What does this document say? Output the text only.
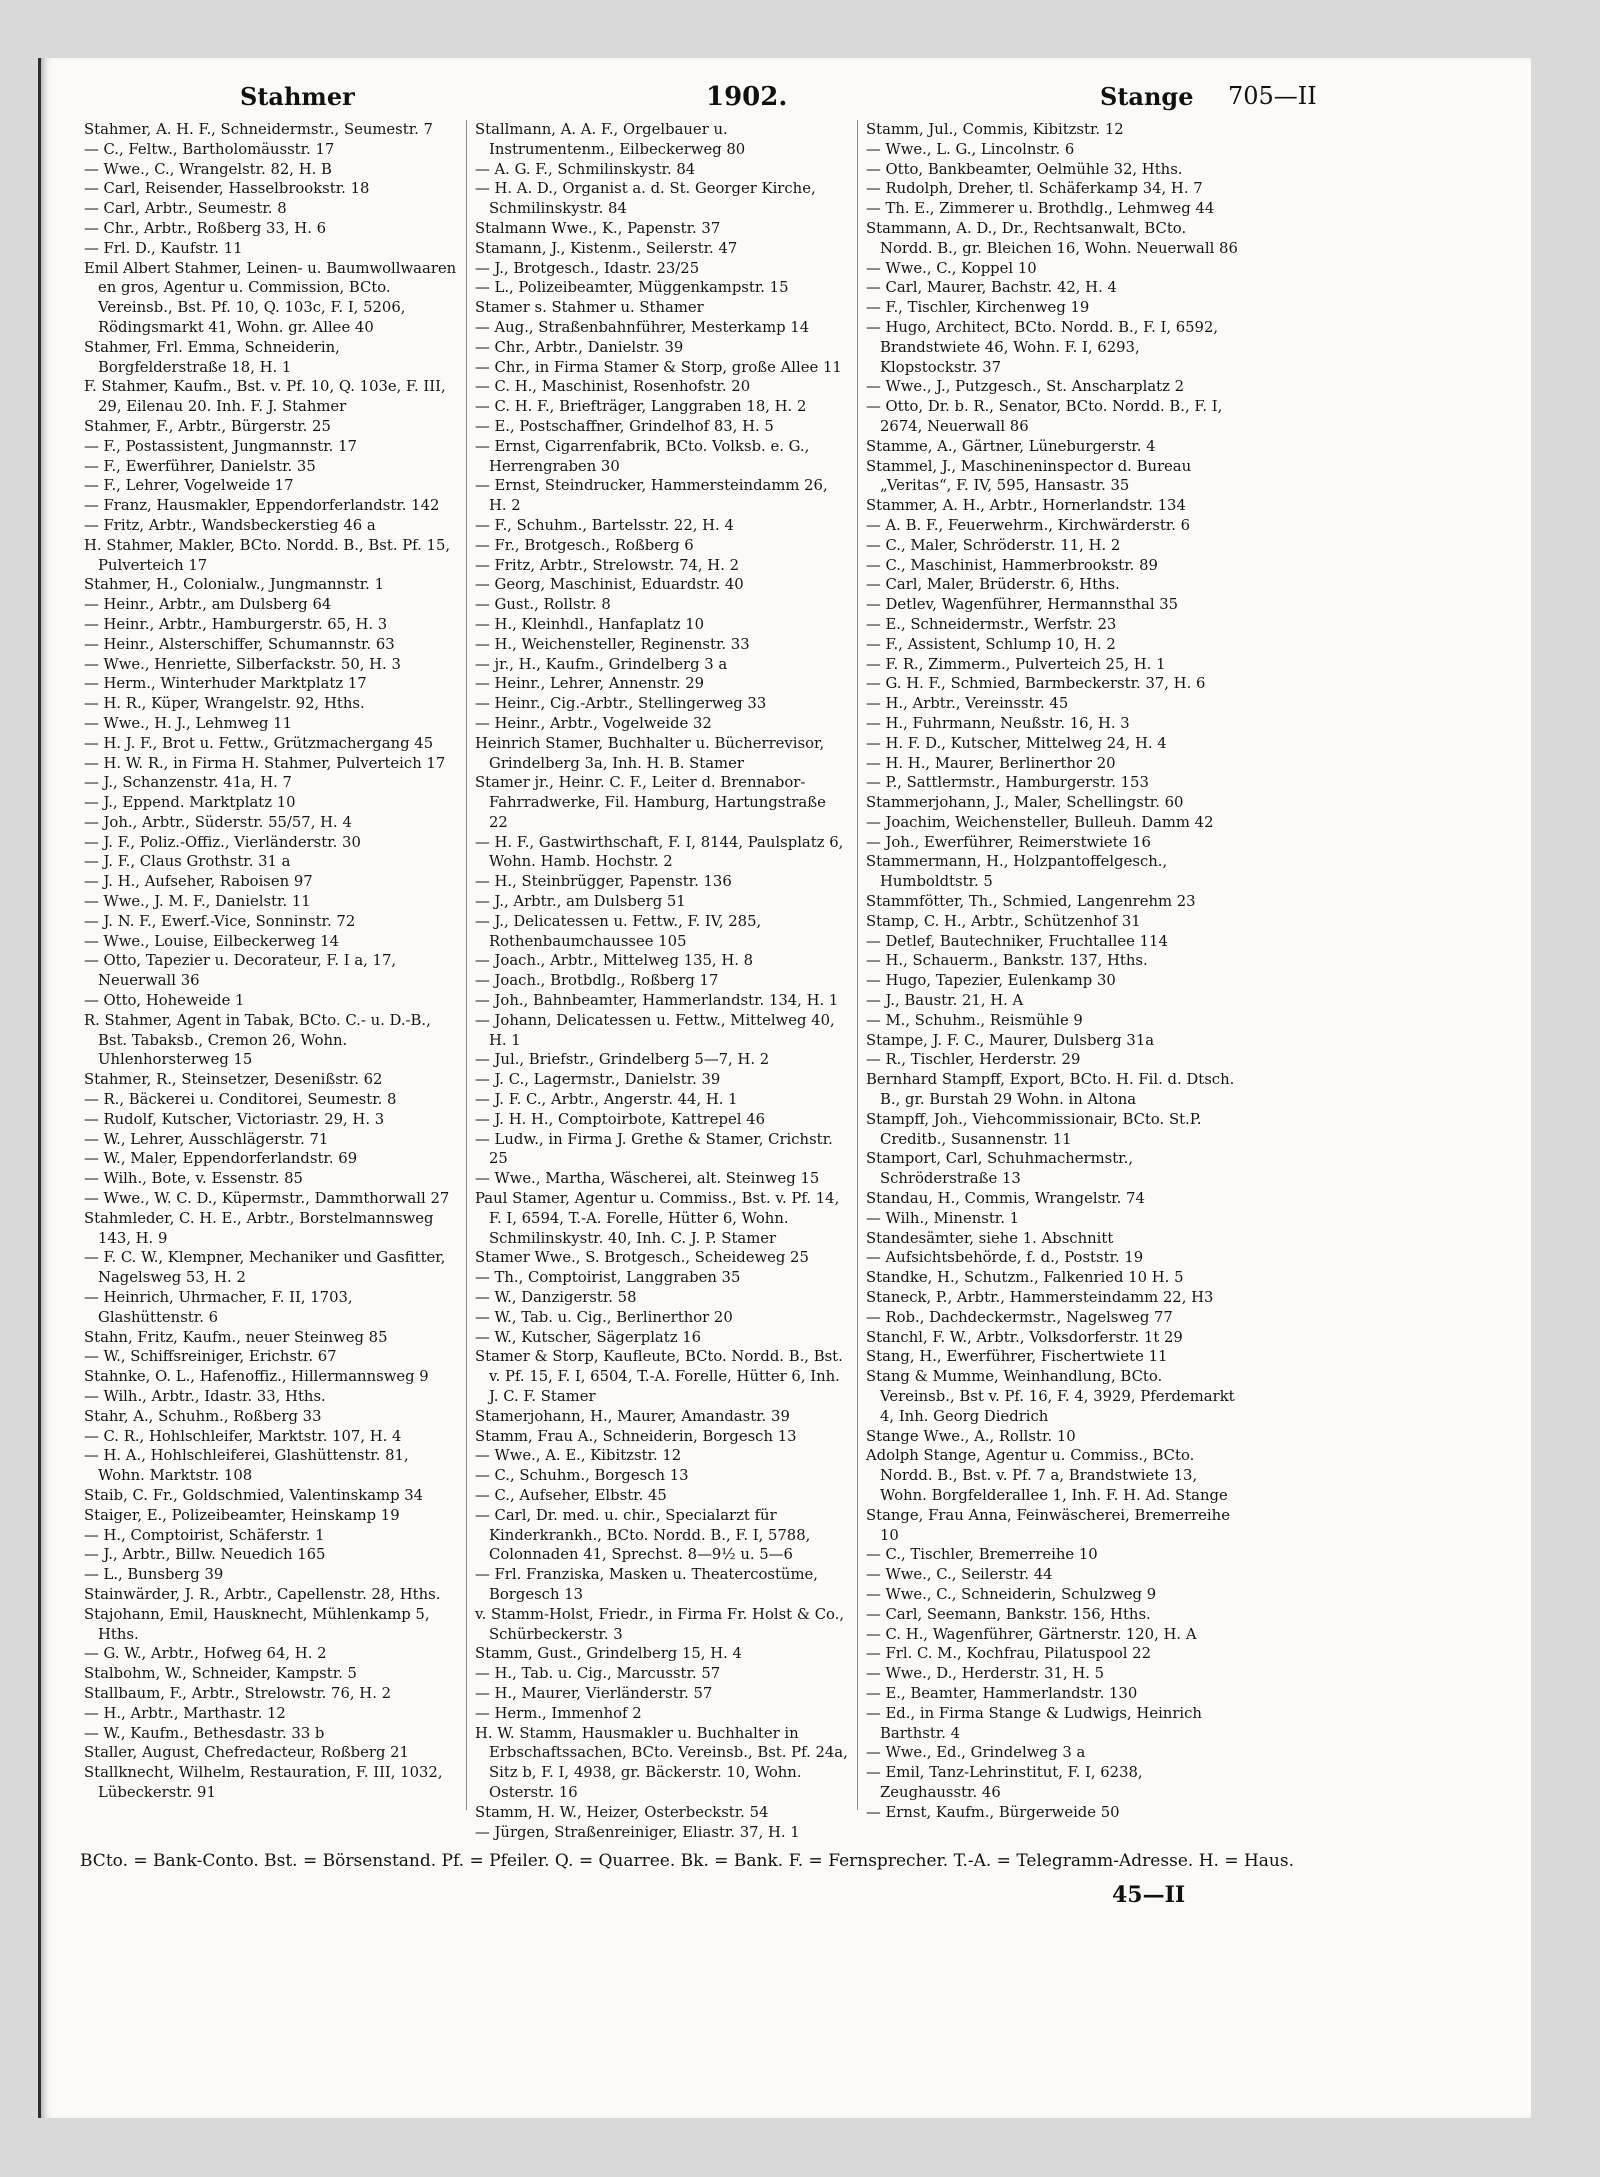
Stahmer	1902.	Stange 705—II

Stahmer, A. H. F., Schneidermstr., Seumestr. 7

— C., Feltw., Bartholomäusstr. 17

— Wwe., C., Wrangelstr. 82, H. B

— Carl, Reisender, Hasselbrookstr. 18

— Carl, Arbtr., Seumestr. 8

— Chr., Arbtr., Roßberg 33, H. 6

— Frl. D., Kaufstr. 11

Emil Albert Stahmer, Leinen- u. Baumwollwaaren en gros, Agentur u. Commission, BCto. Vereinsb., Bst. Pf. 10, Q. 103c, F. I, 5206, Rödingsmarkt 41, Wohn. gr. Allee 40

Stahmer, Frl. Emma, Schneiderin, Borgfelderstraße 18, H. 1

F. Stahmer, Kaufm., Bst. v. Pf. 10, Q. 103e, F. III, 29, Eilenau 20. Inh. F. J. Stahmer

Stahmer, F., Arbtr., Bürgerstr. 25

— F., Postassistent, Jungmannstr. 17

— F., Ewerführer, Danielstr. 35

— F., Lehrer, Vogelweide 17

— Franz, Hausmakler, Eppendorferlandstr. 142

— Fritz, Arbtr., Wandsbeckerstieg 46 a

H. Stahmer, Makler, BCto. Nordd. B., Bst. Pf. 15, Pulverteich 17

Stahmer, H., Colonialw., Jungmannstr. 1

— Heinr., Arbtr., am Dulsberg 64

— Heinr., Arbtr., Hamburgerstr. 65, H. 3

— Heinr., Alsterschiffer, Schumannstr. 63

— Wwe., Henriette, Silberfackstr. 50, H. 3

— Herm., Winterhuder Marktplatz 17

— H. R., Küper, Wrangelstr. 92, Hths.

— Wwe., H. J., Lehmweg 11

— H. J. F., Brot u. Fettw., Grützmachergang 45

— H. W. R., in Firma H. Stahmer, Pulverteich 17

— J., Schanzenstr. 41a, H. 7

— J., Eppend. Marktplatz 10

— Joh., Arbtr., Süderstr. 55/57, H. 4

— J. F., Poliz.-Offiz., Vierländerstr. 30

— J. F., Claus Grothstr. 31 a

— J. H., Aufseher, Raboisen 97

— Wwe., J. M. F., Danielstr. 11

— J. N. F., Ewerf.-Vice, Sonninstr. 72

— Wwe., Louise, Eilbeckerweg 14

— Otto, Tapezier u. Decorateur, F. I a, 17, Neuerwall 36

— Otto, Hoheweide 1

R. Stahmer, Agent in Tabak, BCto. C.- u. D.-B., Bst. Tabaksb., Cremon 26, Wohn. Uhlenhorsterweg 15

Stahmer, R., Steinsetzer, Desenißstr. 62

— R., Bäckerei u. Conditorei, Seumestr. 8

— Rudolf, Kutscher, Victoriastr. 29, H. 3

— W., Lehrer, Ausschlägerstr. 71

— W., Maler, Eppendorferlandstr. 69

— Wilh., Bote, v. Essenstr. 85

— Wwe., W. C. D., Küpermstr., Dammthorwall 27

Stahmleder, C. H. E., Arbtr., Borstelmannsweg 143, H. 9

— F. C. W., Klempner, Mechaniker und Gasfitter, Nagelsweg 53, H. 2

— Heinrich, Uhrmacher, F. II, 1703, Glashüttenstr. 6

Stahn, Fritz, Kaufm., neuer Steinweg 85

— W., Schiffsreiniger, Erichstr. 67

Stahnke, O. L., Hafenoffiz., Hillermannsweg 9

— Wilh., Arbtr., Idastr. 33, Hths.

Stahr, A., Schuhm., Roßberg 33

— C. R., Hohlschleifer, Marktstr. 107, H. 4

— H. A., Hohlschleiferei, Glashüttenstr. 81, Wohn. Marktstr. 108

Staib, C. Fr., Goldschmied, Valentinskamp 34

Staiger, E., Polizeibeamter, Heinskamp 19

— H., Comptoirist, Schäferstr. 1

— J., Arbtr., Billw. Neuedich 165

— L., Bunsberg 39

Stainwärder, J. R., Arbtr., Capellenstr. 28, Hths.

Stajohann, Emil, Hausknecht, Mühlenkamp 5, Hths.

— G. W., Arbtr., Hofweg 64, H. 2

Stalbohm, W., Schneider, Kampstr. 5

Stallbaum, F., Arbtr., Strelowstr. 76, H. 2

— H., Arbtr., Marthastr. 12

— W., Kaufm., Bethesdastr. 33 b

Staller, August, Chefredacteur, Roßberg 21

Stallknecht, Wilhelm, Restauration, F. III, 1032, Lübeckerstr. 91

Stallmann, A. A. F., Orgelbauer u. Instrumentenm., Eilbeckerweg 80

— A. G. F., Schmilinskystr. 84

— H. A. D., Organist a. d. St. Georger Kirche, Schmilinskystr. 84

Stalmann Wwe., K., Papenstr. 37

Stamann, J., Kistenm., Seilerstr. 47

— J., Brotgesch., Idastr. 23/25

— L., Polizeibeamter, Müggenkampstr. 15

Stamer s. Stahmer u. Sthamer

— Aug., Straßenbahnführer, Mesterkamp 14

— Chr., Arbtr., Danielstr. 39

— Chr., in Firma Stamer & Storp, große Allee 11

— C. H., Maschinist, Rosenhofstr. 20

— C. H. F., Briefträger, Langgraben 18, H. 2

— E., Postschaffner, Grindelhof 83, H. 5

— Ernst, Cigarrenfabrik, BCto. Volksb. e. G., Herrengraben 30

— Ernst, Steindrucker, Hammersteindamm 26, H. 2

— F., Schuhm., Bartelsstr. 22, H. 4

— Fr., Brotgesch., Roßberg 6

— Fritz, Arbtr., Strelowstr. 74, H. 2

— Georg, Maschinist, Eduardstr. 40

— Gust., Rollstr. 8

— H., Kleinhdl., Hanfaplatz 10

— H., Weichensteller, Reginenstr. 33

— jr., H., Kaufm., Grindelberg 3 a

— Heinr., Lehrer, Annenstr. 29

— Heinr., Cig.-Arbtr., Stellingerweg 33

— Heinr., Arbtr., Vogelweide 32

Heinrich Stamer, Buchhalter u. Bücherrevisor, Grindelberg 3a, Inh. H. B. Stamer

Stamer jr., Heinr. C. F., Leiter d. Brennabor-Fahrradwerke, Fil. Hamburg, Hartungstraße 22

— H. F., Gastwirthschaft, F. I, 8144, Paulsplatz 6, Wohn. Hamb. Hochstr. 2

— H., Steinbrügger, Papenstr. 136

— J., Arbtr., am Dulsberg 51

— J., Delicatessen u. Fettw., F. IV, 285, Rothenbaumchaussee 105

— Joach., Arbtr., Mittelweg 135, H. 8

— Joach., Brotbdlg., Roßberg 17

— Joh., Bahnbeamter, Hammerlandstr. 134, H. 1

— Johann, Delicatessen u. Fettw., Mittelweg 40, H. 1

— Jul., Briefstr., Grindelberg 5—7, H. 2

— J. C., Lagermstr., Danielstr. 39

— J. F. C., Arbtr., Angerstr. 44, H. 1

— J. H. H., Comptoirbote, Kattrepel 46

— Ludw., in Firma J. Grethe & Stamer, Crichstr. 25

— Wwe., Martha, Wäscherei, alt. Steinweg 15

Paul Stamer, Agentur u. Commiss., Bst. v. Pf. 14, F. I, 6594, T.-A. Forelle, Hütter 6, Wohn. Schmilinskystr. 40, Inh. C. J. P. Stamer

Stamer Wwe., S. Brotgesch., Scheideweg 25

— Th., Comptoirist, Langgraben 35

— W., Danzigerstr. 58

— W., Tab. u. Cig., Berlinerthor 20

— W., Kutscher, Sägerplatz 16

Stamer & Storp, Kaufleute, BCto. Nordd. B., Bst. v. Pf. 15, F. I, 6504, T.-A. Forelle, Hütter 6, Inh. J. C. F. Stamer

Stamerjohann, H., Maurer, Amandastr. 39

Stamm, Frau A., Schneiderin, Borgesch 13

— Wwe., A. E., Kibitzstr. 12

— C., Schuhm., Borgesch 13

— C., Aufseher, Elbstr. 45

— Carl, Dr. med. u. chir., Specialarzt für Kinderkrankh., BCto. Nordd. B., F. I, 5788, Colonnaden 41, Sprechst. 8—9½ u. 5—6

— Frl. Franziska, Masken u. Theatercostüme, Borgesch 13

v. Stamm-Holst, Friedr., in Firma Fr. Holst & Co., Schürbeckerstr. 3

Stamm, Gust., Grindelberg 15, H. 4

— H., Tab. u. Cig., Marcusstr. 57

— H., Maurer, Vierländerstr. 57

— Herm., Immenhof 2

H. W. Stamm, Hausmakler u. Buchhalter in Erbschaftssachen, BCto. Vereinsb., Bst. Pf. 24a, Sitz b, F. I, 4938, gr. Bäckerstr. 10, Wohn. Osterstr. 16

Stamm, H. W., Heizer, Osterbeckstr. 54

— Jürgen, Straßenreiniger, Eliastr. 37, H. 1

Stamm, Jul., Commis, Kibitzstr. 12

— Wwe., L. G., Lincolnstr. 6

— Otto, Bankbeamter, Oelmühle 32, Hths.

— Rudolph, Dreher, tl. Schäferkamp 34, H. 7

— Th. E., Zimmerer u. Brothdlg., Lehmweg 44

Stammann, A. D., Dr., Rechtsanwalt, BCto. Nordd. B., gr. Bleichen 16, Wohn. Neuerwall 86

— Wwe., C., Koppel 10

— Carl, Maurer, Bachstr. 42, H. 4

— F., Tischler, Kirchenweg 19

— Hugo, Architect, BCto. Nordd. B., F. I, 6592, Brandstwiete 46, Wohn. F. I, 6293, Klopstockstr. 37

— Wwe., J., Putzgesch., St. Anscharplatz 2

— Otto, Dr. b. R., Senator, BCto. Nordd. B., F. I, 2674, Neuerwall 86

Stamme, A., Gärtner, Lüneburgerstr. 4

Stammel, J., Maschineninspector d. Bureau „Veritas“, F. IV, 595, Hansastr. 35

Stammer, A. H., Arbtr., Hornerlandstr. 134

— A. B. F., Feuerwehrm., Kirchwärderstr. 6

— C., Maler, Schröderstr. 11, H. 2

— C., Maschinist, Hammerbrookstr. 89

— Carl, Maler, Brüderstr. 6, Hths.

— Detlev, Wagenführer, Hermannsthal 35

— E., Schneidermstr., Werfstr. 23

— F., Assistent, Schlump 10, H. 2

— F. R., Zimmerm., Pulverteich 25, H. 1

— G. H. F., Schmied, Barmbeckerstr. 37, H. 6

— H., Arbtr., Vereinsstr. 45

— H., Fuhrmann, Neußstr. 16, H. 3

— H. F. D., Kutscher, Mittelweg 24, H. 4

— H. H., Maurer, Berlinerthor 20

— P., Sattlermstr., Hamburgerstr. 153

Stammerjohann, J., Maler, Schellingstr. 60

— Joachim, Weichensteller, Bulleuh. Damm 42

— Joh., Ewerführer, Reimerstwiete 16

Stammermann, H., Holzpantoffelgesch., Humboldtstr. 5

Stammfötter, Th., Schmied, Langenrehm 23

Stamp, C. H., Arbtr., Schützenhof 31

— Detlef, Bautechniker, Fruchtallee 114

— H., Schauerm., Bankstr. 137, Hths.

— Hugo, Tapezier, Eulenkamp 30

— J., Baustr. 21, H. A

— M., Schuhm., Reismühle 9

Stampe, J. F. C., Maurer, Dulsberg 31a

— R., Tischler, Herderstr. 29

Bernhard Stampff, Export, BCto. H. Fil. d. Dtsch. B., gr. Burstah 29 Wohn. in Altona

Stampff, Joh., Viehcommissionair, BCto. St.P. Creditb., Susannenstr. 11

Stamport, Carl, Schuhmachermstr., Schröderstraße 13

Standau, H., Commis, Wrangelstr. 74

— Wilh., Minenstr. 1

Standesämter, siehe 1. Abschnitt

— Aufsichtsbehörde, f. d., Poststr. 19

Standke, H., Schutzm., Falkenried 10 H. 5

Staneck, P., Arbtr., Hammersteindamm 22, H3

— Rob., Dachdeckermstr., Nagelsweg 77

Stanchl, F. W., Arbtr., Volksdorferstr. 1t 29

Stang, H., Ewerführer, Fischertwiete 11

Stang & Mumme, Weinhandlung, BCto. Vereinsb., Bst v. Pf. 16, F. 4, 3929, Pferdemarkt 4, Inh. Georg Diedrich

Stange Wwe., A., Rollstr. 10

Adolph Stange, Agentur u. Commiss., BCto. Nordd. B., Bst. v. Pf. 7 a, Brandstwiete 13, Wohn. Borgfelderallee 1, Inh. F. H. Ad. Stange

Stange, Frau Anna, Feinwäscherei, Bremerreihe 10

— C., Tischler, Bremerreihe 10

— Wwe., C., Seilerstr. 44

— Wwe., C., Schneiderin, Schulzweg 9

— Carl, Seemann, Bankstr. 156, Hths.

— C. H., Wagenführer, Gärtnerstr. 120, H. A

— Frl. C. M., Kochfrau, Pilatuspool 22

— Wwe., D., Herderstr. 31, H. 5

— E., Beamter, Hammerlandstr. 130

— Ed., in Firma Stange & Ludwigs, Heinrich Barthstr. 4

— Wwe., Ed., Grindelweg 3 a

— Emil, Tanz-Lehrinstitut, F. I, 6238, Zeughausstr. 46

— Ernst, Kaufm., Bürgerweide 50

BCto. = Bank-Conto. Bst. = Börsenstand. Pf. = Pfeiler. Q. = Quarree. Bk. = Bank. F. = Fernsprecher. T.-A. = Telegramm-Adresse. H. = Haus.
45—II
